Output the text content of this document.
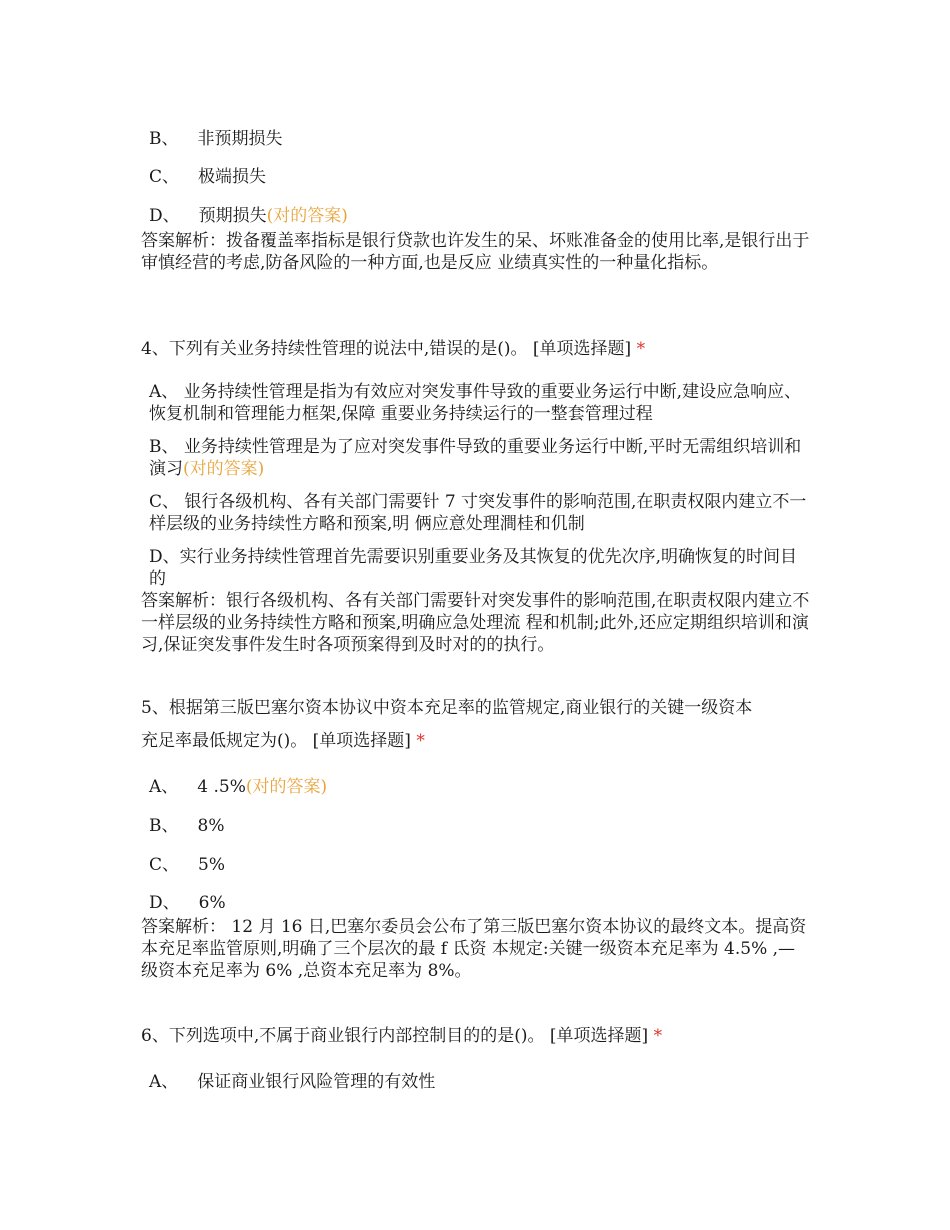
B、 非预期损失
C、 极端损失
D、 预期损失(对的答案)
答案解析：拨备覆盖率指标是银行贷款也许发生的呆、坏账准备金的使用比率,是银行出于审慎经营的考虑,防备风险的一种方面,也是反应 业绩真实性的一种量化指标。
4、下列有关业务持续性管理的说法中,错误的是()。 [单项选择题] *
A、 业务持续性管理是指为有效应对突发事件导致的重要业务运行中断,建设应急响应、恢复机制和管理能力框架,保障 重要业务持续运行的一整套管理过程
B、 业务持续性管理是为了应对突发事件导致的重要业务运行中断,平时无需组织培训和演习(对的答案)
C、 银行各级机构、各有关部门需要针 7 寸突发事件的影响范围,在职责权限内建立不一样层级的业务持续性方略和预案,明 俩应意处理澗桂和仉制
D、实行业务持续性管理首先需要识别重要业务及其恢复的优先次序,明确恢复的时间目的
答案解析：银行各级机构、各有关部门需要针对突发事件的影响范围,在职责权限内建立不一样层级的业务持续性方略和预案,明确应急处理流 程和机制;此外,还应定期组织培训和演习,保证突发事件发生时各项预案得到及时对的的执行。
5、根据第三版巴塞尔资本协议中资本充足率的监管规定,商业银行的关键一级资本
充足率最低规定为()。 [单项选择题] *
A、 4 .5%(对的答案)
B、 8%
C、 5%
D、 6%
答案解析： 12 月 16 日,巴塞尔委员会公布了第三版巴塞尔资本协议的最终文本。提高资本充足率监管原则,明确了三个层次的最 f 氐资 本规定:关键一级资本充足率为 4.5% ,—级资本充足率为 6% ,总资本充足率为 8%。
6、下列选项中,不属于商业银行内部控制目的的是()。 [单项选择题] *
A、 保证商业银行风险管理的有效性
